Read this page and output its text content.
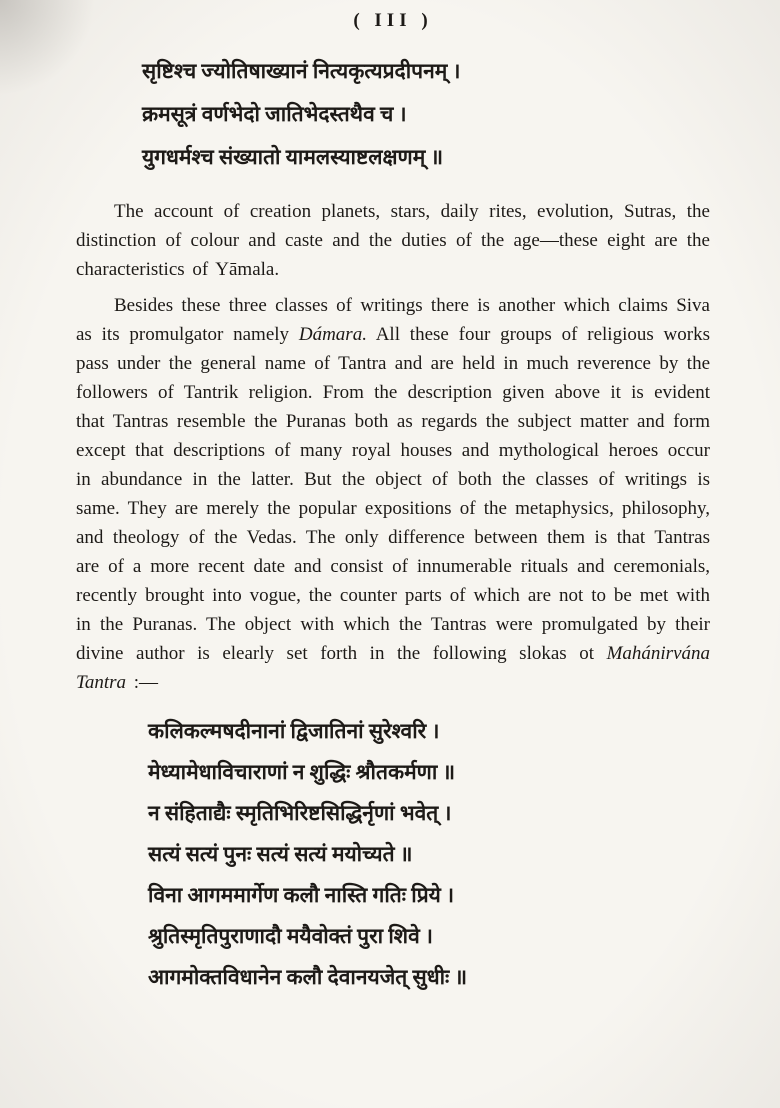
( III )
सृष्टिश्च ज्योतिषाख्यानं नित्यकृत्यप्रदीपनम् ।
क्रमसूत्रं वर्णभेदो जातिभेदस्तथैव च ।
युगधर्मश्च संख्यातो यामलस्याष्टलक्षणम् ॥

The account of creation planets, stars, daily rites, evolution, Sutras, the distinction of colour and caste and the duties of the age—these eight are the characteristics of Yāmala.

Besides these three classes of writings there is another which claims Siva as its promulgator namely Dámara. All these four groups of religious works pass under the general name of Tantra and are held in much reverence by the followers of Tantrik religion. From the description given above it is evident that Tantras resemble the Puranas both as regards the subject matter and form except that descriptions of many royal houses and mythological heroes occur in abundance in the latter. But the object of both the classes of writings is same. They are merely the popular expositions of the metaphysics, philosophy, and theology of the Vedas. The only difference between them is that Tantras are of a more recent date and consist of innumerable rituals and ceremonials, recently brought into vogue, the counter parts of which are not to be met with in the Puranas. The object with which the Tantras were promulgated by their divine author is elearly set forth in the following slokas ot Mahánirvána Tantra :—

कलिकल्मषदीनानां द्विजातिनां सुरेश्वरि ।
मेध्यामेधाविचाराणां न शुद्धिः श्रौतकर्मणा ॥
न संहिताद्यैः स्मृतिभिरिष्टसिद्धिर्नृणां भवेत् ।
सत्यं सत्यं पुनः सत्यं सत्यं मयोच्यते ॥
विना आगममार्गेण कलौ नास्ति गतिः प्रिये ।
श्रुतिस्मृतिपुराणादौ मयैवोक्तं पुरा शिवे ।
आगमोक्तविधानेन कलौ देवानयजेत् सुधीः ॥
